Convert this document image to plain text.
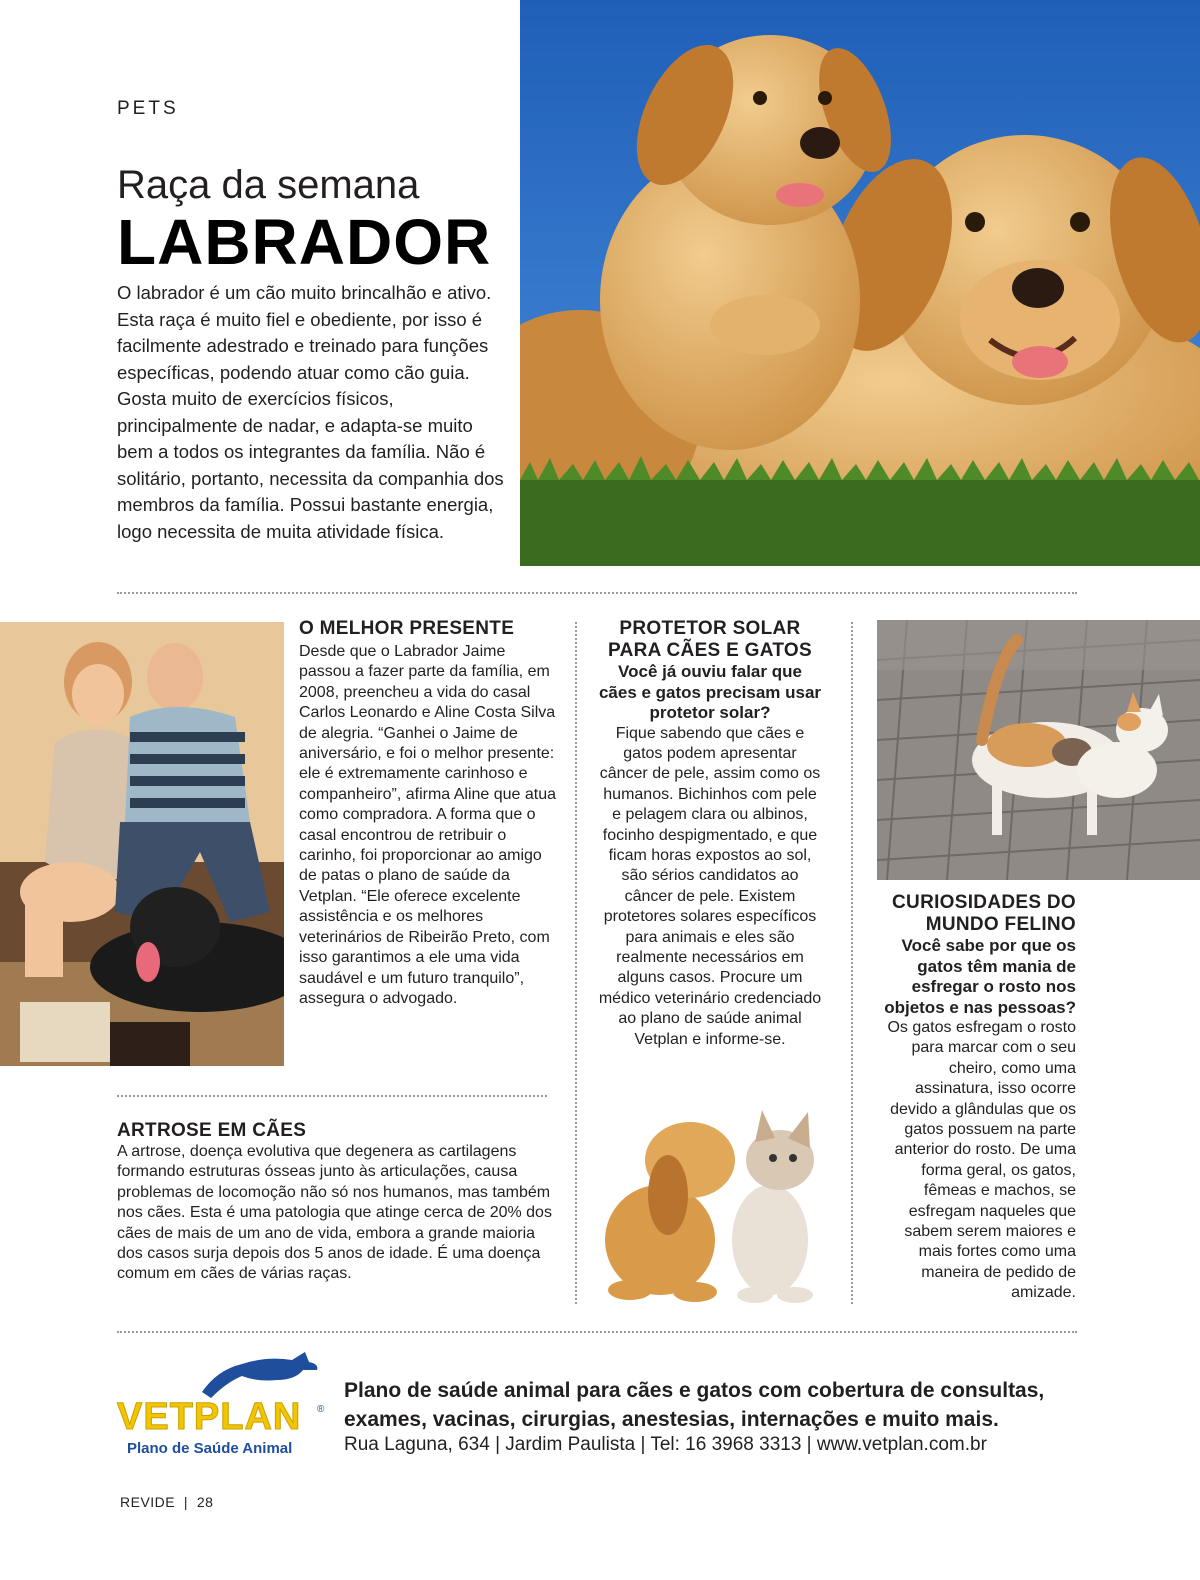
PETS
Raça da semana
LABRADOR
O labrador é um cão muito brincalhão e ativo. Esta raça é muito fiel e obediente, por isso é facilmente adestrado e treinado para funções específicas, podendo atuar como cão guia. Gosta muito de exercícios físicos, principalmente de nadar, e adapta-se muito bem a todos os integrantes da família. Não é solitário, portanto, necessita da companhia dos membros da família. Possui bastante energia, logo necessita de muita atividade física.
O MELHOR PRESENTE
Desde que o Labrador Jaime passou a fazer parte da família, em 2008, preencheu a vida do casal Carlos Leonardo e Aline Costa Silva de alegria. “Ganhei o Jaime de aniversário, e foi o melhor presente: ele é extremamente carinhoso e companheiro”, afirma Aline que atua como compradora. A forma que o casal encontrou de retribuir o carinho, foi proporcionar ao amigo de patas o plano de saúde da Vetplan. “Ele oferece excelente assistência e os melhores veterinários de Ribeirão Preto, com isso garantimos a ele uma vida saudável e um futuro tranquilo”, assegura o advogado.
PROTETOR SOLAR
PARA CÃES E GATOS
Você já ouviu falar que cães e gatos precisam usar protetor solar?
Fique sabendo que cães e gatos podem apresentar câncer de pele, assim como os humanos. Bichinhos com pele e pelagem clara ou albinos, focinho despigmentado, e que ficam horas expostos ao sol, são sérios candidatos ao câncer de pele. Existem protetores solares específicos para animais e eles são realmente necessários em alguns casos. Procure um médico veterinário credenciado ao plano de saúde animal Vetplan e informe-se.
CURIOSIDADES DO
MUNDO FELINO
Você sabe por que os gatos têm mania de esfregar o rosto nos objetos e nas pessoas?
Os gatos esfregam o rosto para marcar com o seu cheiro, como uma assinatura, isso ocorre devido a glândulas que os gatos possuem na parte anterior do rosto. De uma forma geral, os gatos, fêmeas e machos, se esfregam naqueles que sabem serem maiores e mais fortes como uma maneira de pedido de amizade.
ARTROSE EM CÃES
A artrose, doença evolutiva que degenera as cartilagens formando estruturas ósseas junto às articulações, causa problemas de locomoção não só nos humanos, mas também nos cães. Esta é uma patologia que atinge cerca de 20% dos cães de mais de um ano de vida, embora a grande maioria dos casos surja depois dos 5 anos de idade. É uma doença comum em cães de várias raças.
VETPLAN ®
Plano de Saúde Animal
Plano de saúde animal para cães e gatos com cobertura de consultas, exames, vacinas, cirurgias, anestesias, internações e muito mais.
Rua Laguna, 634 | Jardim Paulista | Tel: 16 3968 3313 | www.vetplan.com.br
REVIDE  |  28
